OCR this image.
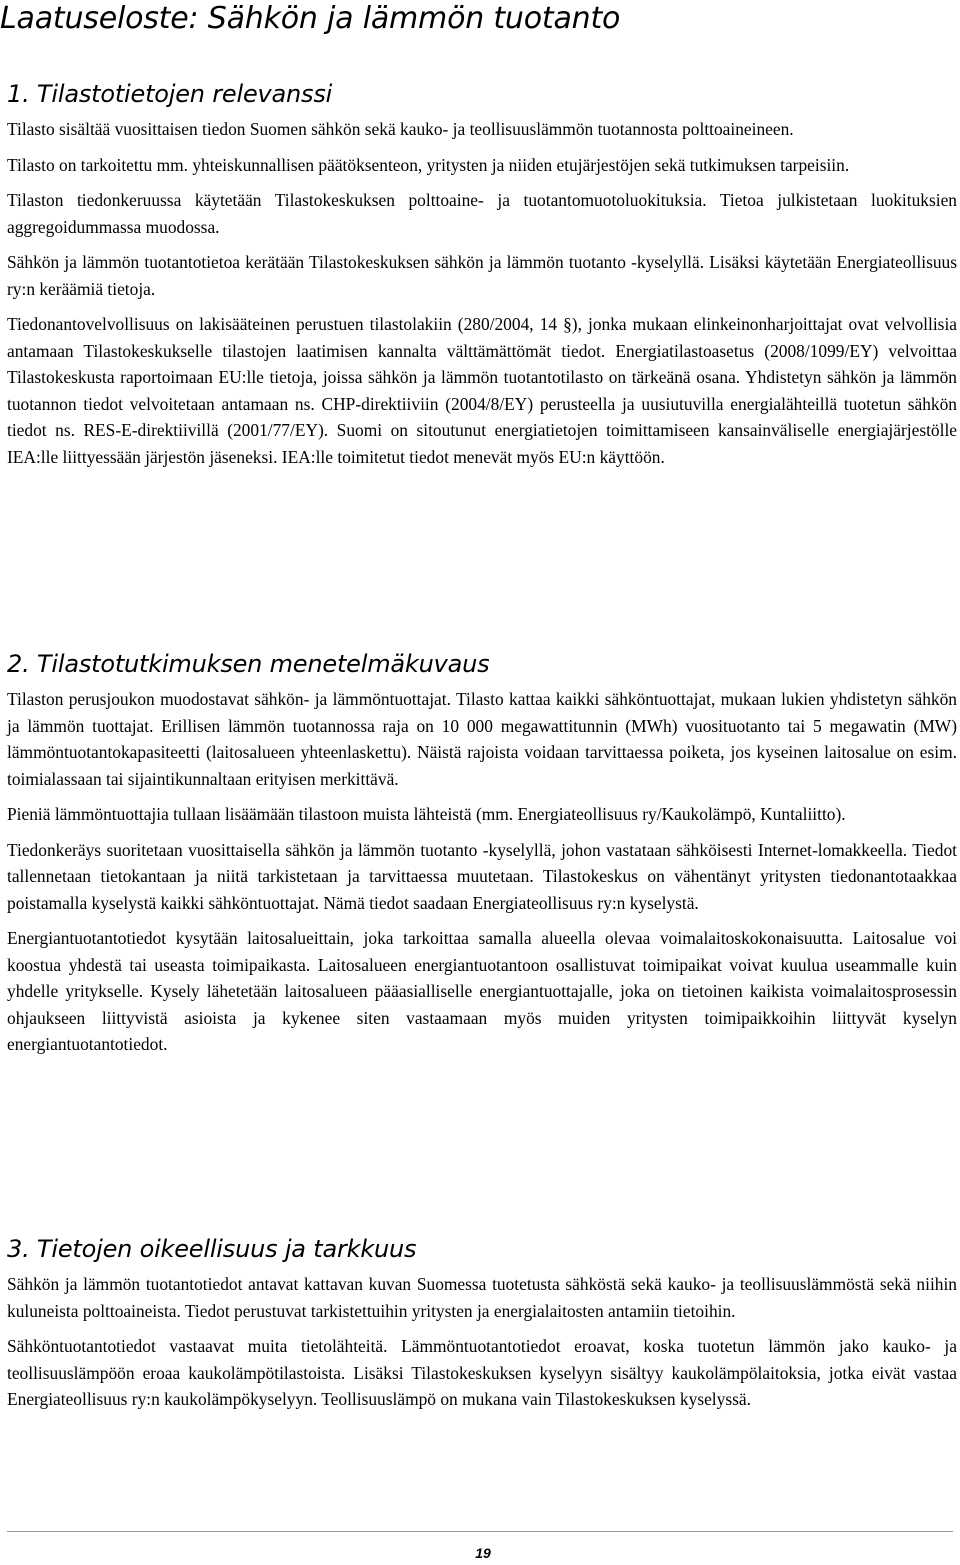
Laatuseloste: Sähkön ja lämmön tuotanto
1. Tilastotietojen relevanssi

Tilasto sisältää vuosittaisen tiedon Suomen sähkön sekä kauko- ja teollisuuslämmön tuotannosta polttoaineineen.

Tilasto on tarkoitettu mm. yhteiskunnallisen päätöksenteon, yritysten ja niiden etujärjestöjen sekä tutkimuksen tarpeisiin.

Tilaston tiedonkeruussa käytetään Tilastokeskuksen polttoaine- ja tuotantomuotoluokituksia. Tietoa julkistetaan luokituksien aggregoidummassa muodossa.

Sähkön ja lämmön tuotantotietoa kerätään Tilastokeskuksen sähkön ja lämmön tuotanto -kyselyllä. Lisäksi käytetään Energiateollisuus ry:n keräämiä tietoja.

Tiedonantovelvollisuus on lakisääteinen perustuen tilastolakiin (280/2004, 14 §), jonka mukaan elinkeinonharjoittajat ovat velvollisia antamaan Tilastokeskukselle tilastojen laatimisen kannalta välttämättömät tiedot. Energiatilastoasetus (2008/1099/EY) velvoittaa Tilastokeskusta raportoimaan EU:lle tietoja, joissa sähkön ja lämmön tuotantotilasto on tärkeänä osana. Yhdistetyn sähkön ja lämmön tuotannon tiedot velvoitetaan antamaan ns. CHP-direktiiviin (2004/8/EY) perusteella ja uusiutuvilla energialähteillä tuotetun sähkön tiedot ns. RES-E-direktiivillä (2001/77/EY). Suomi on sitoutunut energiatietojen toimittamiseen kansainväliselle energiajärjestölle IEA:lle liittyessään järjestön jäseneksi. IEA:lle toimitetut tiedot menevät myös EU:n käyttöön.

2. Tilastotutkimuksen menetelmäkuvaus

Tilaston perusjoukon muodostavat sähkön- ja lämmöntuottajat. Tilasto kattaa kaikki sähköntuottajat, mukaan lukien yhdistetyn sähkön ja lämmön tuottajat. Erillisen lämmön tuotannossa raja on 10 000 megawattitunnin (MWh) vuosituotanto tai 5 megawatin (MW) lämmöntuotantokapasiteetti (laitosalueen yhteenlaskettu). Näistä rajoista voidaan tarvittaessa poiketa, jos kyseinen laitosalue on esim. toimialassaan tai sijaintikunnaltaan erityisen merkittävä.

Pieniä lämmöntuottajia tullaan lisäämään tilastoon muista lähteistä (mm. Energiateollisuus ry/Kaukolämpö, Kuntaliitto).

Tiedonkeräys suoritetaan vuosittaisella sähkön ja lämmön tuotanto -kyselyllä, johon vastataan sähköisesti Internet-lomakkeella. Tiedot tallennetaan tietokantaan ja niitä tarkistetaan ja tarvittaessa muutetaan. Tilastokeskus on vähentänyt yritysten tiedonantotaakkaa poistamalla kyselystä kaikki sähköntuottajat. Nämä tiedot saadaan Energiateollisuus ry:n kyselystä.

Energiantuotantotiedot kysytään laitosalueittain, joka tarkoittaa samalla alueella olevaa voimalaitoskokonaisuutta. Laitosalue voi koostua yhdestä tai useasta toimipaikasta. Laitosalueen energiantuotantoon osallistuvat toimipaikat voivat kuulua useammalle kuin yhdelle yritykselle. Kysely lähetetään laitosalueen pääasialliselle energiantuottajalle, joka on tietoinen kaikista voimalaitosprosessin ohjaukseen liittyvistä asioista ja kykenee siten vastaamaan myös muiden yritysten toimipaikkoihin liittyvät kyselyn energiantuotantotiedot.

3. Tietojen oikeellisuus ja tarkkuus

Sähkön ja lämmön tuotantotiedot antavat kattavan kuvan Suomessa tuotetusta sähköstä sekä kauko- ja teollisuuslämmöstä sekä niihin kuluneista polttoaineista. Tiedot perustuvat tarkistettuihin yritysten ja energialaitosten antamiin tietoihin.

Sähköntuotantotiedot vastaavat muita tietolähteitä. Lämmöntuotantotiedot eroavat, koska tuotetun lämmön jako kauko- ja teollisuuslämpöön eroaa kaukolämpötilastoista. Lisäksi Tilastokeskuksen kyselyyn sisältyy kaukolämpölaitoksia, jotka eivät vastaa Energiateollisuus ry:n kaukolämpökyselyyn. Teollisuuslämpö on mukana vain Tilastokeskuksen kyselyssä.

19
